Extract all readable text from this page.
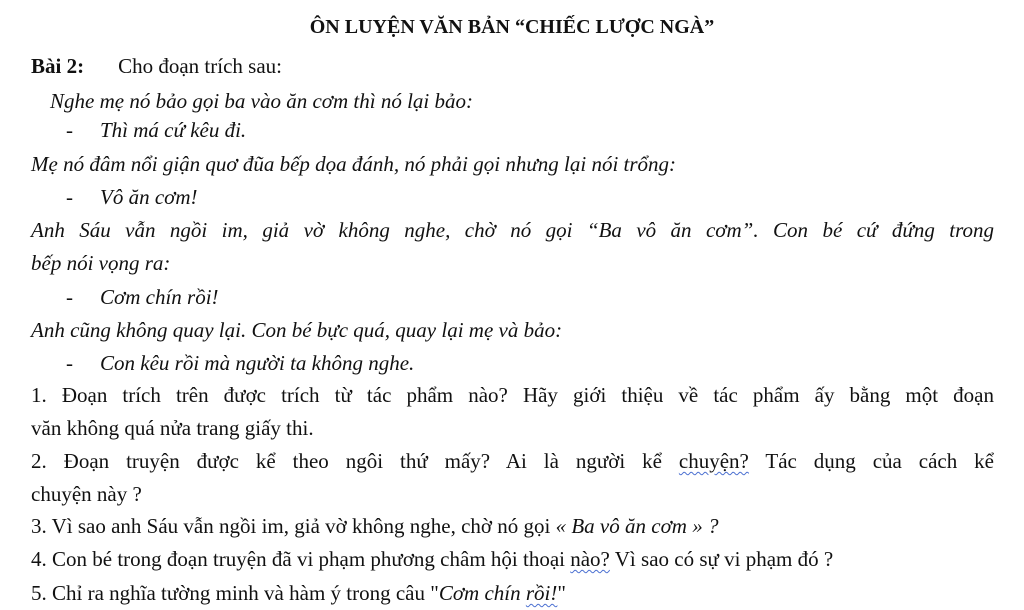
ÔN LUYỆN VĂN BẢN “CHIẾC LƯỢC NGÀ”
Bài 2: Cho đoạn trích sau:
Nghe mẹ nó bảo gọi ba vào ăn cơm thì nó lại bảo:
- Thì má cứ kêu đi.
Mẹ nó đâm nổi giận quơ đũa bếp dọa đánh, nó phải gọi nhưng lại nói trổng:
- Vô ăn cơm!
Anh Sáu vẫn ngồi im, giả vờ không nghe, chờ nó gọi “Ba vô ăn cơm”. Con bé cứ đứng trong
bếp nói vọng ra:
- Cơm chín rồi!
Anh cũng không quay lại. Con bé bực quá, quay lại mẹ và bảo:
- Con kêu rồi mà người ta không nghe.
1. Đoạn trích trên được trích từ tác phẩm nào? Hãy giới thiệu về tác phẩm ấy bằng một đoạn
văn không quá nửa trang giấy thi.
2. Đoạn truyện được kể theo ngôi thứ mấy? Ai là người kể chuyện? Tác dụng của cách kể
chuyện này ?
3. Vì sao anh Sáu vẫn ngồi im, giả vờ không nghe, chờ nó gọi « Ba vô ăn cơm » ?
4. Con bé trong đoạn truyện đã vi phạm phương châm hội thoại nào? Vì sao có sự vi phạm đó ?
5. Chỉ ra nghĩa tường minh và hàm ý trong câu "Cơm chín rồi!"
